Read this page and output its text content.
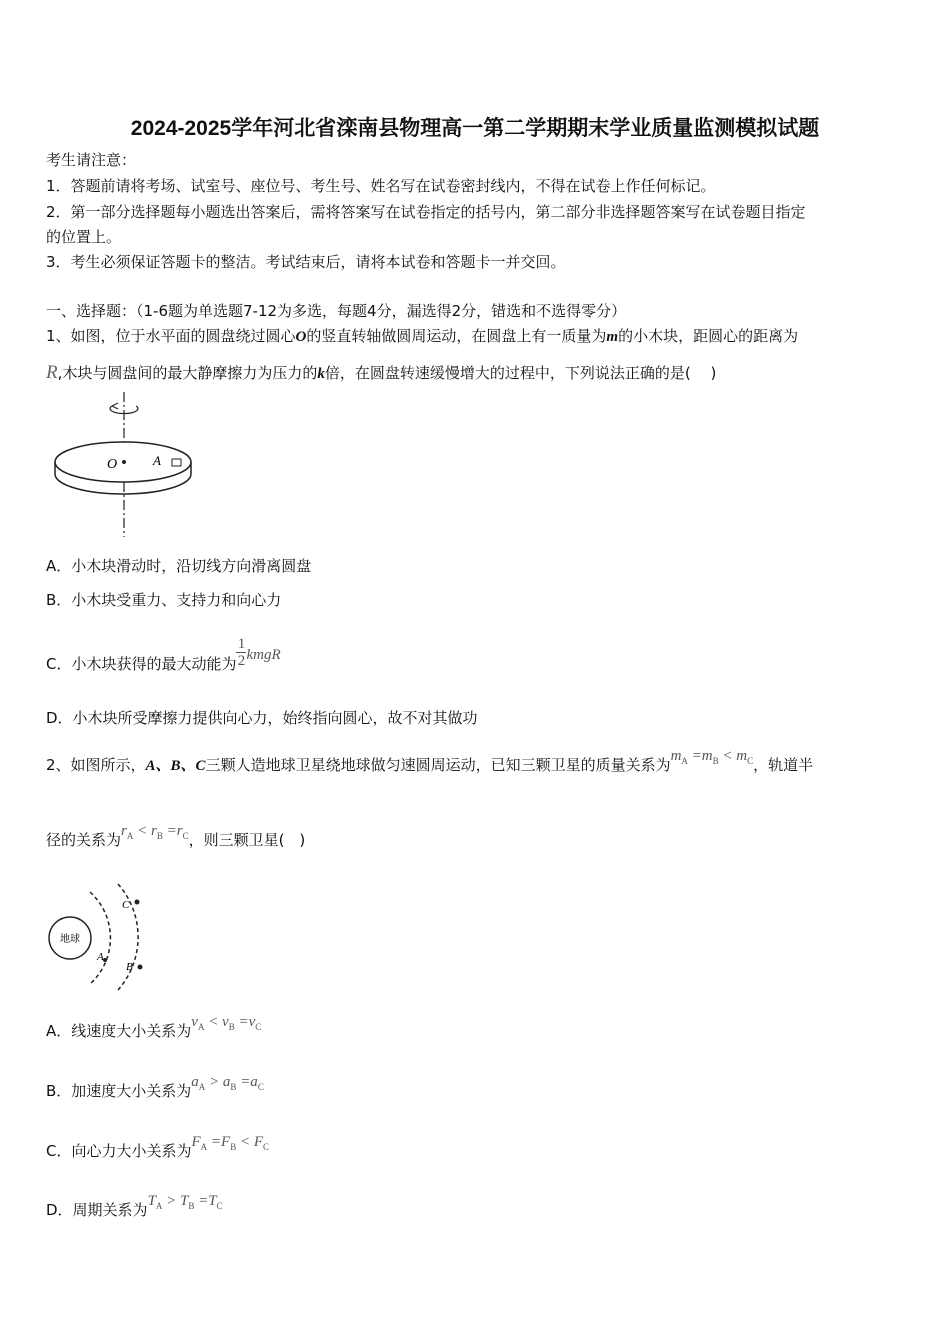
2024-2025学年河北省滦南县物理高一第二学期期末学业质量监测模拟试题
考生请注意：
1．答题前请将考场、试室号、座位号、考生号、姓名写在试卷密封线内，不得在试卷上作任何标记。
2．第一部分选择题每小题选出答案后，需将答案写在试卷指定的括号内，第二部分非选择题答案写在试卷题目指定
的位置上。
3．考生必须保证答题卡的整洁。考试结束后，请将本试卷和答题卡一并交回。
一、选择题：（1-6题为单选题7-12为多选，每题4分，漏选得2分，错选和不选得零分）
1、如图，位于水平面的圆盘绕过圆心O的竖直转轴做圆周运动，在圆盘上有一质量为m的小木块，距圆心的距离为
R,木块与圆盘间的最大静摩擦力为压力的k倍，在圆盘转速缓慢增大的过程中，下列说法正确的是(　 )
O	A
A．小木块滑动时，沿切线方向滑离圆盘
B．小木块受重力、支持力和向心力
C．小木块获得的最大动能为 $\frac{1}{2}$ kmgR
D．小木块所受摩擦力提供向心力，始终指向圆心，故不对其做功
2、如图所示，A、B、C三颗人造地球卫星绕地球做匀速圆周运动，已知三颗卫星的质量关系为$m_A =m_B < m_C$，轨道半
径的关系为$r_A < r_B =r_C$，则三颗卫星(　)
地球
A
B
C
A．线速度大小关系为$v_A < v_B =v_C$
B．加速度大小关系为$a_A > a_B =a_C$
C．向心力大小关系为$F_A =F_B < F_C$
D．周期关系为$T_A > T_B =T_C$
